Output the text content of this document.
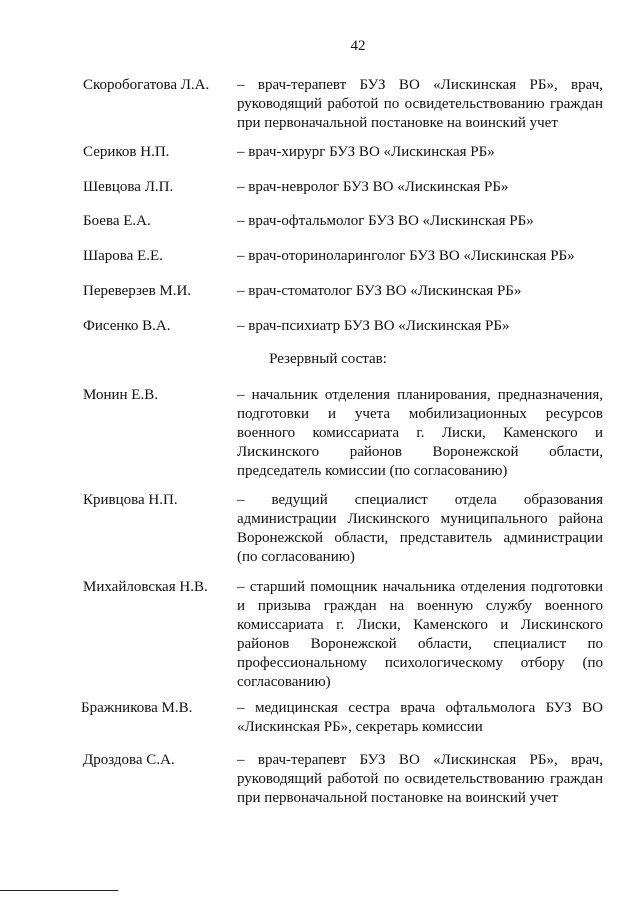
42
Скоробогатова Л.А. – врач-терапевт БУЗ ВО «Лискинская РБ», врач, руководящий работой по освидетельствованию граждан при первоначальной постановке на воинский учет
Сериков Н.П.	– врач-хирург БУЗ ВО «Лискинская РБ»
Шевцова Л.П.	– врач-невролог БУЗ ВО «Лискинская РБ»
Боева Е.А.	– врач-офтальмолог БУЗ ВО «Лискинская РБ»
Шарова Е.Е.	– врач-оториноларинголог БУЗ ВО «Лискинская РБ»
Переверзев М.И.	– врач-стоматолог БУЗ ВО «Лискинская РБ»
Фисенко В.А.	– врач-психиатр БУЗ ВО «Лискинская РБ»
Резервный состав:
Монин Е.В.	– начальник отделения планирования, предназначения, подготовки и учета мобилизационных ресурсов военного комиссариата г. Лиски, Каменского и Лискинского районов Воронежской области, председатель комиссии (по согласованию)
Кривцова Н.П.	– ведущий специалист отдела образования администрации Лискинского муниципального района Воронежской области, представитель администрации (по согласованию)
Михайловская Н.В. – старший помощник начальника отделения подготовки и призыва граждан на военную службу военного комиссариата г. Лиски, Каменского и Лискинского районов Воронежской области, специалист по профессиональному психологическому отбору (по согласованию)
Бражникова М.В.	– медицинская сестра врача офтальмолога БУЗ ВО «Лискинская РБ», секретарь комиссии
Дроздова С.А.	– врач-терапевт БУЗ ВО «Лискинская РБ», врач, руководящий работой по освидетельствованию граждан при первоначальной постановке на воинский учет
